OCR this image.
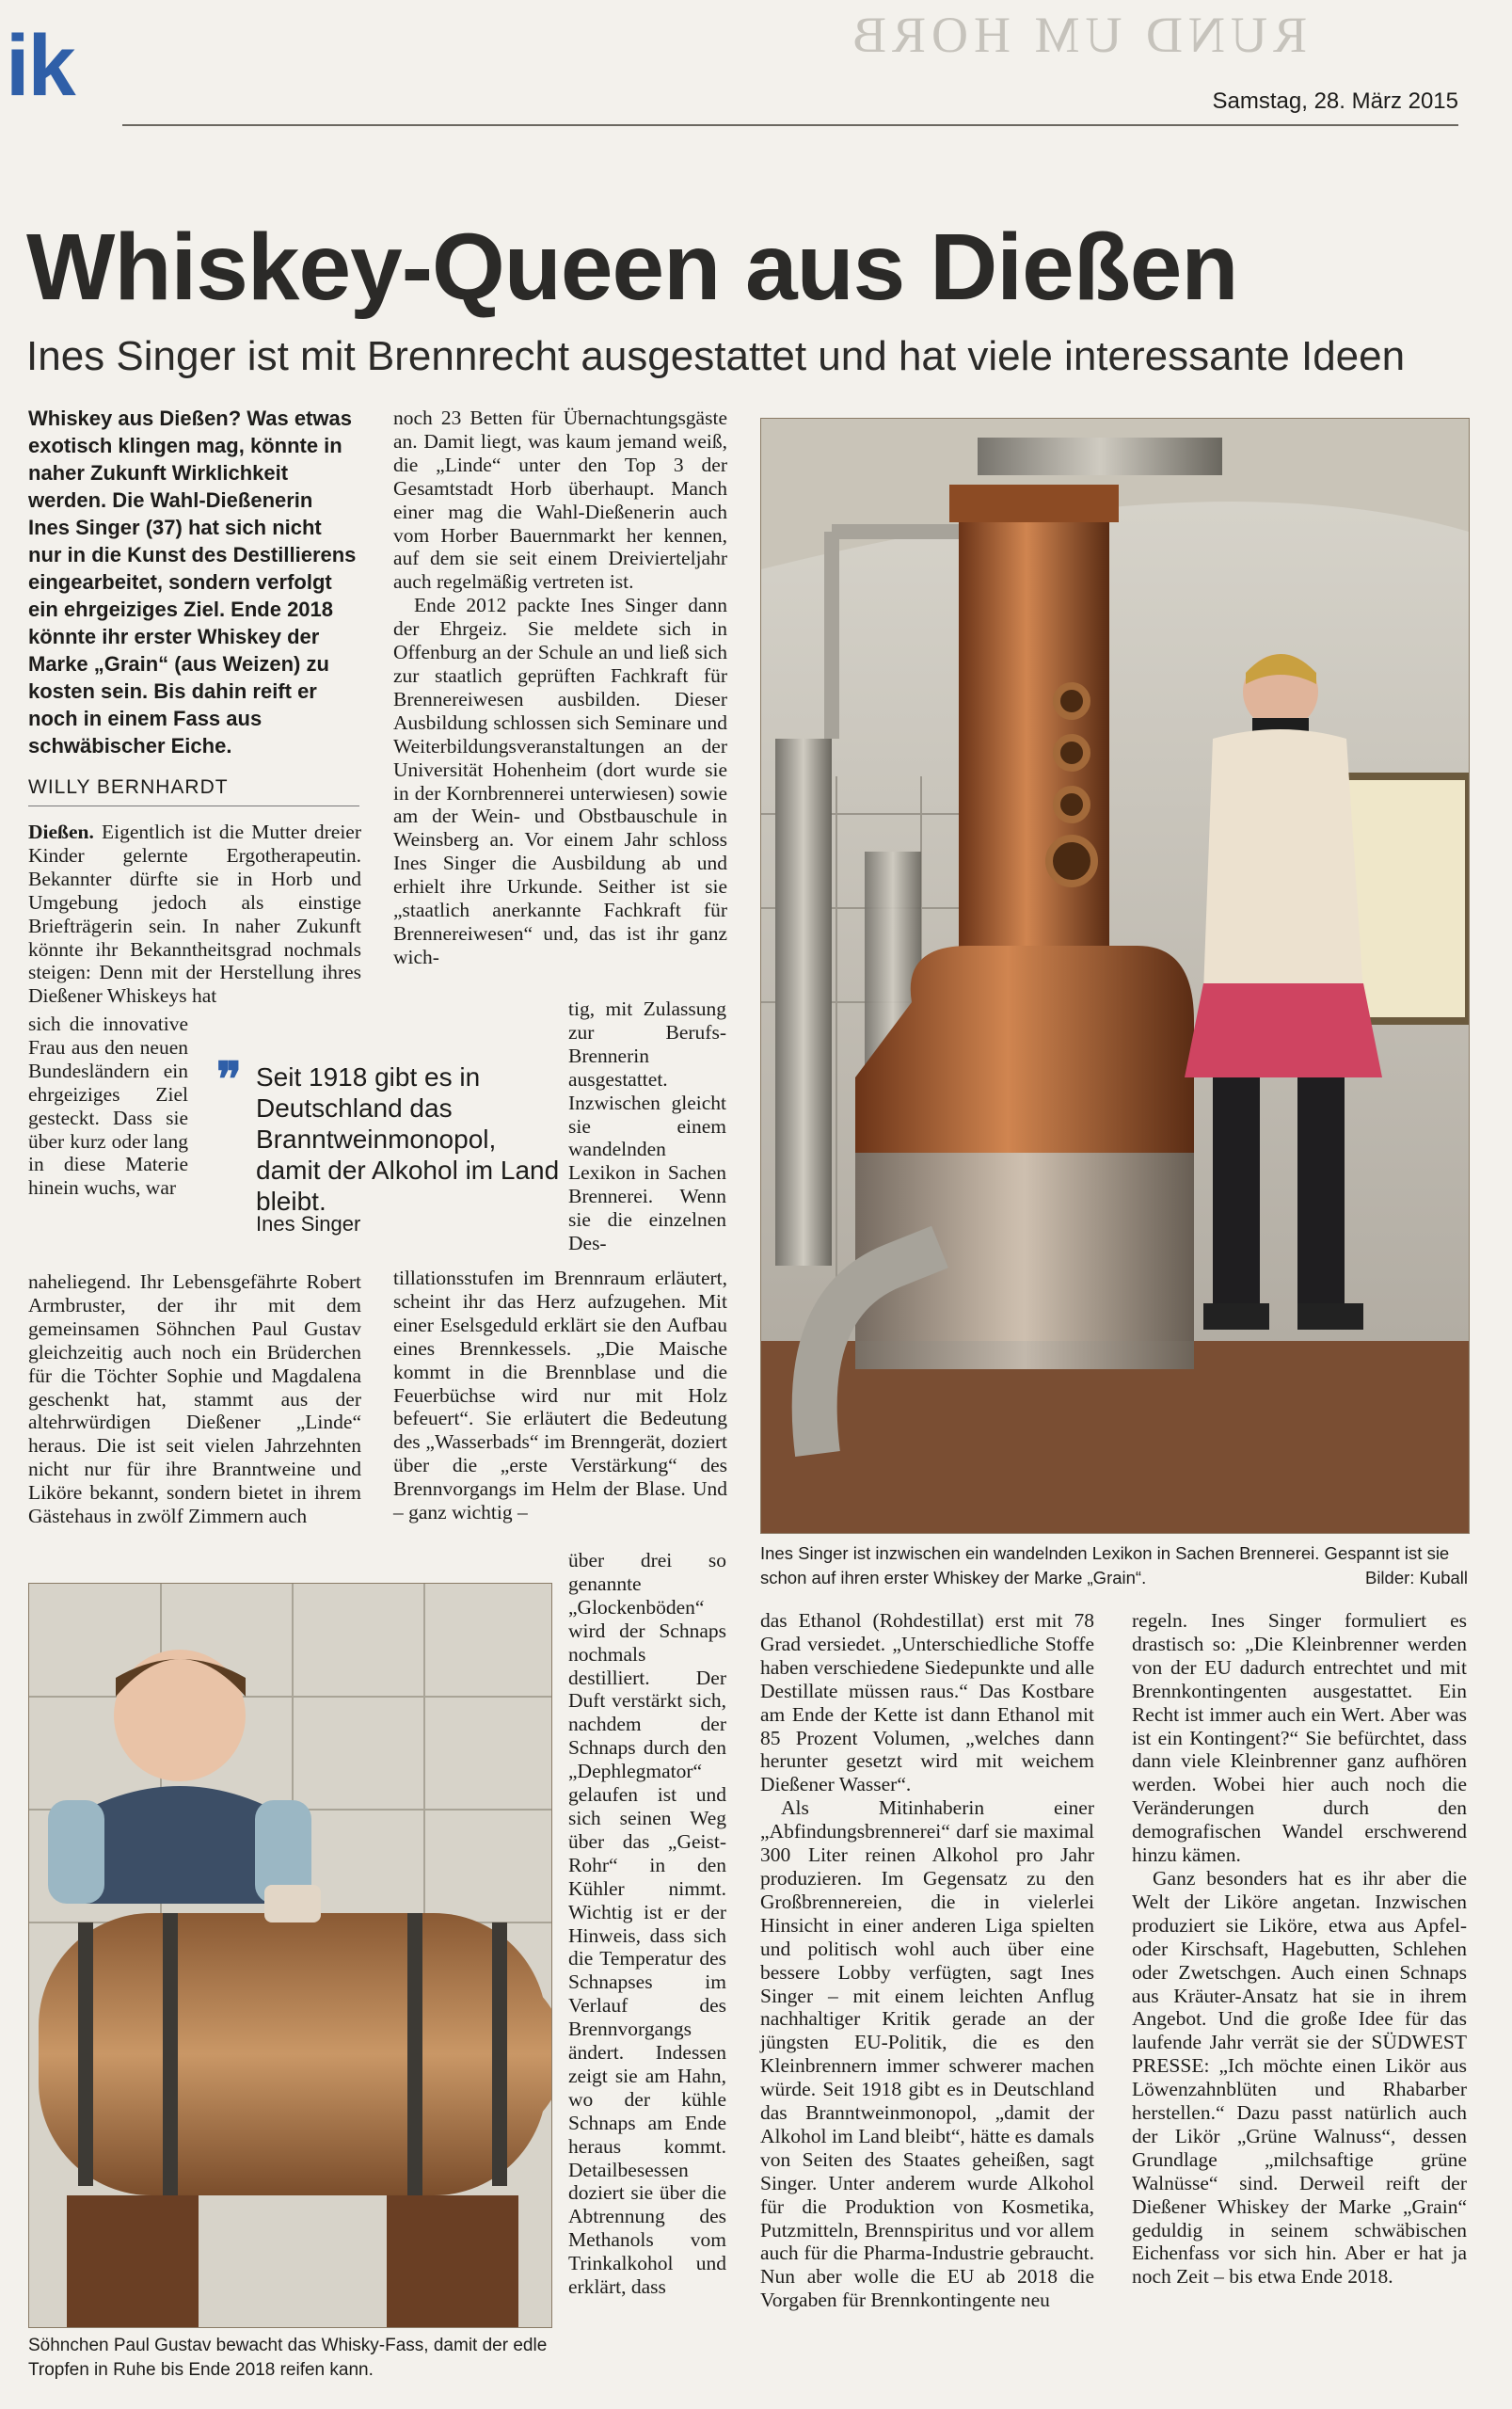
ik	RUND UM HORB
Samstag, 28. März 2015
Whiskey-Queen aus Dießen
Ines Singer ist mit Brennrecht ausgestattet und hat viele interessante Ideen
Whiskey aus Dießen? Was etwas exotisch klingen mag, könnte in naher Zukunft Wirklichkeit werden. Die Wahl-Dießenerin Ines Singer (37) hat sich nicht nur in die Kunst des Destillierens eingearbeitet, sondern verfolgt ein ehrgeiziges Ziel. Ende 2018 könnte ihr erster Whiskey der Marke „Grain“ (aus Weizen) zu kosten sein. Bis dahin reift er noch in einem Fass aus schwäbischer Eiche.
WILLY BERNHARDT

Dießen. Eigentlich ist die Mutter dreier Kinder gelernte Ergotherapeutin. Bekannter dürfte sie in Horb und Umgebung jedoch als einstige Briefträgerin sein. In naher Zukunft könnte ihr Bekanntheitsgrad nochmals steigen: Denn mit der Herstellung ihres Dießener Whiskeys hat

sich die innovative Frau aus den neuen Bundesländern ein ehrgeiziges Ziel gesteckt. Dass sie über kurz oder lang in diese Materie hinein wuchs, war

naheliegend. Ihr Lebensgefährte Robert Armbruster, der ihr mit dem gemeinsamen Söhnchen Paul Gustav gleichzeitig auch noch ein Brüderchen für die Töchter Sophie und Magdalena geschenkt hat, stammt aus der altehrwürdigen Dießener „Linde“ heraus. Die ist seit vielen Jahrzehnten nicht nur für ihre Branntweine und Liköre bekannt, sondern bietet in ihrem Gästehaus in zwölf Zimmern auch

❞ Seit 1918 gibt es in Deutschland das Branntweinmonopol, damit der Alkohol im Land bleibt.
Ines Singer

noch 23 Betten für Übernachtungsgäste an. Damit liegt, was kaum jemand weiß, die „Linde“ unter den Top 3 der Gesamtstadt Horb überhaupt. Manch einer mag die Wahl-Dießenerin auch vom Horber Bauernmarkt her kennen, auf dem sie seit einem Dreivierteljahr auch regelmäßig vertreten ist.

Ende 2012 packte Ines Singer dann der Ehrgeiz. Sie meldete sich in Offenburg an der Schule an und ließ sich zur staatlich geprüften Fachkraft für Brennereiwesen ausbilden. Dieser Ausbildung schlossen sich Seminare und Weiterbildungsveranstaltungen an der Universität Hohenheim (dort wurde sie in der Kornbrennerei unterwiesen) sowie am der Wein- und Obstbauschule in Weinsberg an. Vor einem Jahr schloss Ines Singer die Ausbildung ab und erhielt ihre Urkunde. Seither ist sie „staatlich anerkannte Fachkraft für Brennereiwesen“ und, das ist ihr ganz wich-

tig, mit Zulassung zur Berufs-Brennerin ausgestattet. Inzwischen gleicht sie einem wandelnden Lexikon in Sachen Brennerei. Wenn sie die einzelnen Des-

tillationsstufen im Brennraum erläutert, scheint ihr das Herz aufzugehen. Mit einer Eselsgeduld erklärt sie den Aufbau eines Brennkessels. „Die Maische kommt in die Brennblase und die Feuerbüchse wird nur mit Holz befeuert“. Sie erläutert die Bedeutung des „Wasserbads“ im Brenngerät, doziert über die „erste Verstärkung“ des Brennvorgangs im Helm der Blase. Und – ganz wichtig –

über drei so genannte „Glockenböden“ wird der Schnaps nochmals destilliert. Der Duft verstärkt sich, nachdem der Schnaps durch den „Dephlegmator“ gelaufen ist und sich seinen Weg über das „Geist-Rohr“ in den Kühler nimmt. Wichtig ist er der Hinweis, dass sich die Temperatur des Schnapses im Verlauf des Brennvorgangs ändert. Indessen zeigt sie am Hahn, wo der kühle Schnaps am Ende heraus kommt. Detailbesessen doziert sie über die Abtrennung des Methanols vom Trinkalkohol und erklärt, dass

Ines Singer ist inzwischen ein wandelnden Lexikon in Sachen Brennerei. Gespannt ist sie schon auf ihren erster Whiskey der Marke „Grain“.	Bilder: Kuball

das Ethanol (Rohdestillat) erst mit 78 Grad versiedet. „Unterschiedliche Stoffe haben verschiedene Siedepunkte und alle Destillate müssen raus.“ Das Kostbare am Ende der Kette ist dann Ethanol mit 85 Prozent Volumen, „welches dann herunter gesetzt wird mit weichem Dießener Wasser“.

Als Mitinhaberin einer „Abfindungsbrennerei“ darf sie maximal 300 Liter reinen Alkohol pro Jahr produzieren. Im Gegensatz zu den Großbrennereien, die in vielerlei Hinsicht in einer anderen Liga spielten und politisch wohl auch über eine bessere Lobby verfügten, sagt Ines Singer – mit einem leichten Anflug nachhaltiger Kritik gerade an der jüngsten EU-Politik, die es den Kleinbrennern immer schwerer machen würde. Seit 1918 gibt es in Deutschland das Branntweinmonopol, „damit der Alkohol im Land bleibt“, hätte es damals von Seiten des Staates geheißen, sagt Singer. Unter anderem wurde Alkohol für die Produktion von Kosmetika, Putzmitteln, Brennspiritus und vor allem auch für die Pharma-Industrie gebraucht. Nun aber wolle die EU ab 2018 die Vorgaben für Brennkontingente neu

regeln. Ines Singer formuliert es drastisch so: „Die Kleinbrenner werden von der EU dadurch entrechtet und mit Brennkontingenten ausgestattet. Ein Recht ist immer auch ein Wert. Aber was ist ein Kontingent?“ Sie befürchtet, dass dann viele Kleinbrenner ganz aufhören werden. Wobei hier auch noch die Veränderungen durch den demografischen Wandel erschwerend hinzu kämen.

Ganz besonders hat es ihr aber die Welt der Liköre angetan. Inzwischen produziert sie Liköre, etwa aus Apfel- oder Kirschsaft, Hagebutten, Schlehen oder Zwetschgen. Auch einen Schnaps aus Kräuter-Ansatz hat sie in ihrem Angebot. Und die große Idee für das laufende Jahr verrät sie der SÜDWEST PRESSE: „Ich möchte einen Likör aus Löwenzahnblüten und Rhabarber herstellen.“ Dazu passt natürlich auch der Likör „Grüne Walnuss“, dessen Grundlage „milchsaftige grüne Walnüsse“ sind. Derweil reift der Dießener Whiskey der Marke „Grain“ geduldig in seinem schwäbischen Eichenfass vor sich hin. Aber er hat ja noch Zeit – bis etwa Ende 2018.

Söhnchen Paul Gustav bewacht das Whisky-Fass, damit der edle Tropfen in Ruhe bis Ende 2018 reifen kann.
